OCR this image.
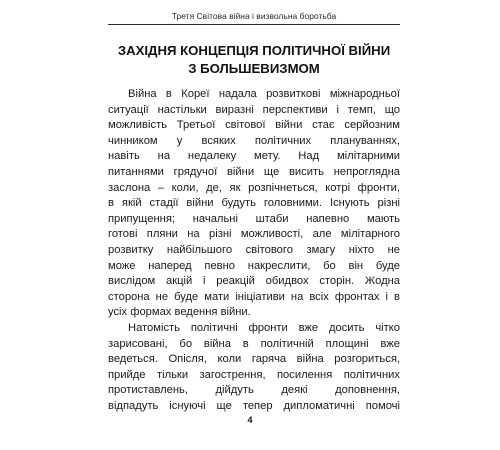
Третя Світова війна і визвольна боротьба
ЗАХІДНЯ КОНЦЕПЦІЯ ПОЛІТИЧНОЇ ВІЙНИ
З БОЛЬШЕВИЗМОМ
Війна в Кореї надала розвиткові міжнародньої
ситуації настільки виразні перспективи і темп, що
можливість Третьої світової війни стає серйозним
чинником у всяких політичних плануваннях,
навіть на недалеку мету. Над мілітарними
питаннями грядучої війни ще висить непроглядна
заслона – коли, де, як розпічнеться, котрі фронти,
в якій стадії війни будуть головними. Існують різні
припущення; начальні штаби напевно мають
готові пляни на різні можливості, але мілітарного
розвитку найбільшого світового змагу ніхто не
може наперед певно накреслити, бо він буде
вислідом акцій і реакцій обидвох сторін. Жодна
сторона не буде мати ініціативи на всіх фронтах і в
усіх формах ведення війни.
Натомість політичні фронти вже досить чітко
зарисовані, бо війна в політичній площині вже
ведеться. Опісля, коли гаряча війна розгориться,
прийде тільки загострення, посилення політичних
протиставлень, дійдуть деякі доповнення,
відпадуть існуючі ще тепер дипломатичні помочі
4
